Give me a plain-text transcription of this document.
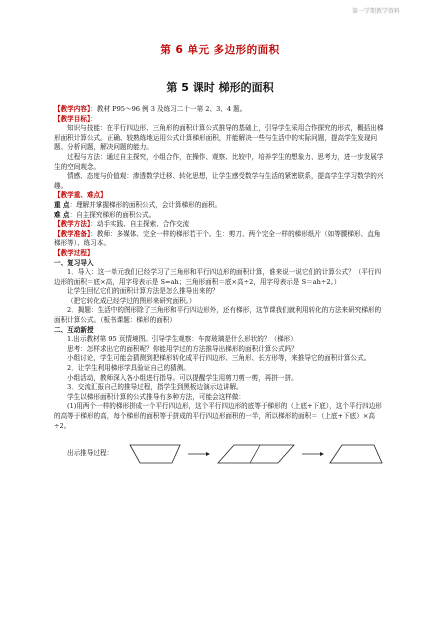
第一学期教学资料
第 6 单元 多边形的面积
第 5 课时 梯形的面积

【教学内容】：教材 P95～96 例 3 及练习二十一第 2、3、4 题。

【教学目标】：

知识与技能：在平行四边形、三角形的面积计算公式推导的基础上，引导学生采用合作探究的形式，概括出梯形面积计算公式。正确、较熟练地运用公式计算梯形面积，并能解决一些与生活中的实际问题，提高学生发现问题、分析问题，解决问题的能力。

过程与方法：通过自主探究，小组合作，在操作、观察、比较中，培养学生的想象力、思考力，进一步发展学生的空间观念。

情感、态度与价值观：渗透数学迁移、转化思想，让学生感受数学与生活的紧密联系，提高学生学习数学的兴趣。

【教学重、难点】

重 点：理解并掌握梯形的面积公式，会计算梯形的面积。

难 点：自主探究梯形的面积公式。

【教学方法】：动手实践、自主探索、合作交流

【教学准备】：教师：多媒体、完全一样的梯形若干个。生：剪刀、两个完全一样的梯形纸片（如等腰梯形、直角梯形等）、练习本。

【教学过程】

一、复习导入

1．导入：这一单元我们已经学习了三角形和平行四边形的面积计算，谁来说一说它们的计算公式？（平行四边形的面积＝底×高，用字母表示是 S=ah；三角形面积＝底×高÷2，用字母表示是 S＝ah÷2。）

让学生回忆它们的面积计算方法是怎么推导出来的？

（把它转化成已经学过的图形来研究面积。）

2．揭题：生活中的图形除了三角形和平行四边形外，还有梯形，这节课我们就利用转化的方法来研究梯形的面积计算公式。（板书课题：梯形的面积）

二、互动新授

1.出示教材第 95 页情境图。引导学生观察：车窗玻璃是什么形状的？（梯形）

思考：怎样求出它的面积呢？你能用学过的方法推导出梯形的面积计算公式吗？

小组讨论，学生可能会猜测到把梯形转化成平行四边形、三角形、长方形等，来推导它的面积计算公式。

2．让学生利用梯形学具验证自己的猜测。

小组活动，教师深入各小组进行指导。可以提醒学生用剪刀剪一剪，再拼一拼。

3．交流汇报自己的推导过程，指学生到黑板边演示边讲解。

学生以梯形面积计算的公式推导有多种方法，可能会这样做：

(1)用两个一样的梯形拼成一个平行四边形，这个平行四边形的底等于梯形的（上底+下底），这个平行四边形的高等于梯形的高，每个梯形的面积等于拼成的平行四边形面积的一半，所以梯形的面积＝（上底+下底）×高÷2。

出示推导过程：
